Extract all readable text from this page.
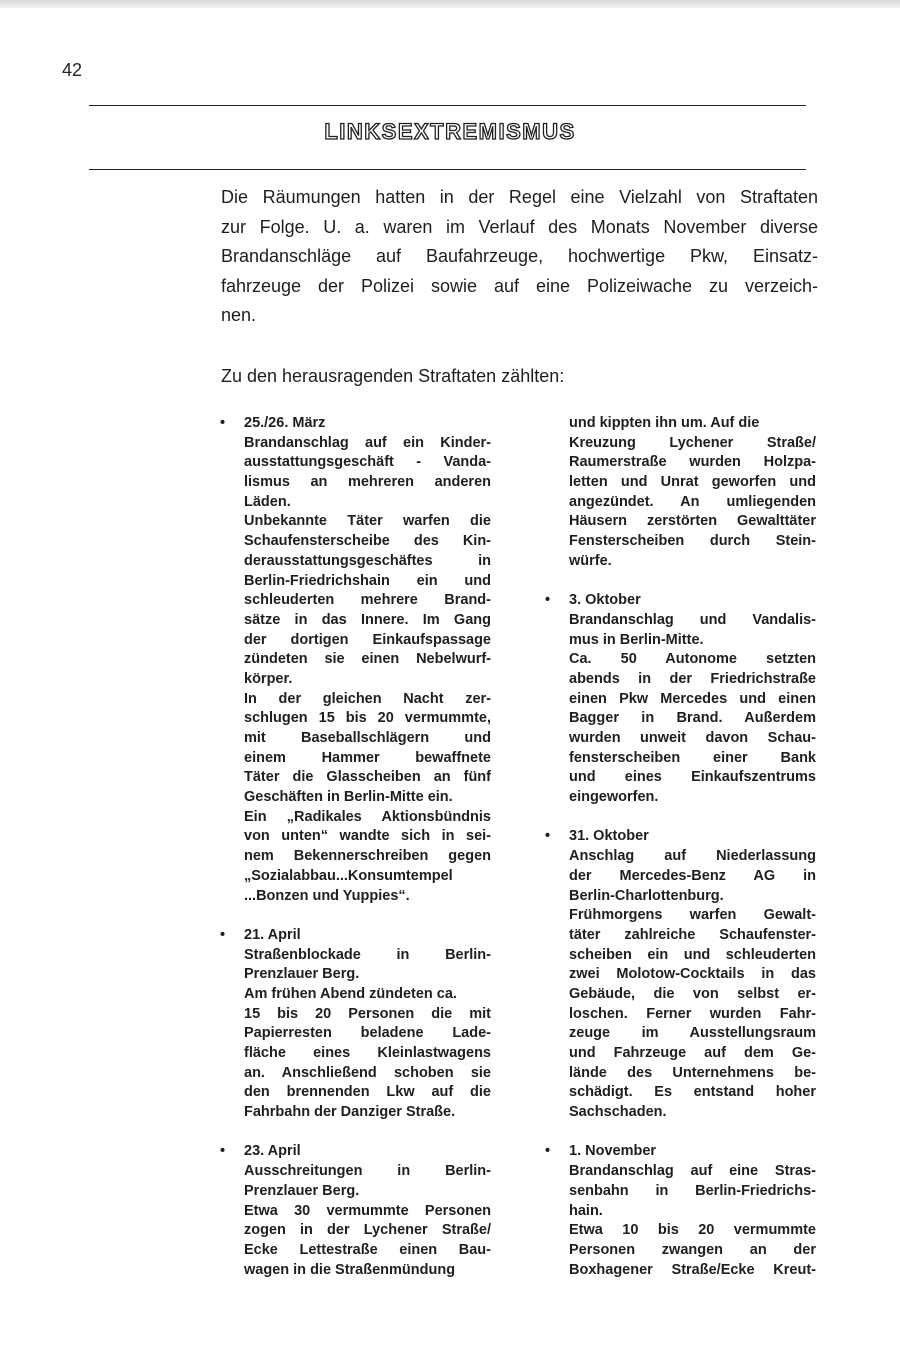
42
LINKSEXTREMISMUS
Die Räumungen hatten in der Regel eine Vielzahl von Straftaten
zur Folge. U. a. waren im Verlauf des Monats November diverse
Brandanschläge auf Baufahrzeuge, hochwertige Pkw, Einsatz-
fahrzeuge der Polizei sowie auf eine Polizeiwache zu verzeich-
nen.

Zu den herausragenden Straftaten zählten:

• 25./26. März
Brandanschlag auf ein Kinder-
ausstattungsgeschäft - Vanda-
lismus an mehreren anderen
Läden.
Unbekannte Täter warfen die
Schaufensterscheibe des Kin-
derausstattungsgeschäftes in
Berlin-Friedrichshain ein und
schleuderten mehrere Brand-
sätze in das Innere. Im Gang
der dortigen Einkaufspassage
zündeten sie einen Nebelwurf-
körper.
In der gleichen Nacht zer-
schlugen 15 bis 20 vermummte,
mit Baseballschlägern und
einem Hammer bewaffnete
Täter die Glasscheiben an fünf
Geschäften in Berlin-Mitte ein.
Ein „Radikales Aktionsbündnis
von unten“ wandte sich in sei-
nem Bekennerschreiben gegen
„Sozialabbau...Konsumtempel
...Bonzen und Yuppies“.
• 21. April
Straßenblockade in Berlin-
Prenzlauer Berg.
Am frühen Abend zündeten ca.
15 bis 20 Personen die mit
Papierresten beladene Lade-
fläche eines Kleinlastwagens
an. Anschließend schoben sie
den brennenden Lkw auf die
Fahrbahn der Danziger Straße.
• 23. April
Ausschreitungen in Berlin-
Prenzlauer Berg.
Etwa 30 vermummte Personen
zogen in der Lychener Straße/
Ecke Lettestraße einen Bau-
wagen in die Straßenmündung
und kippten ihn um. Auf die
Kreuzung Lychener Straße/
Raumerstraße wurden Holzpa-
letten und Unrat geworfen und
angezündet. An umliegenden
Häusern zerstörten Gewalttäter
Fensterscheiben durch Stein-
würfe.
• 3. Oktober
Brandanschlag und Vandalis-
mus in Berlin-Mitte.
Ca. 50 Autonome setzten
abends in der Friedrichstraße
einen Pkw Mercedes und einen
Bagger in Brand. Außerdem
wurden unweit davon Schau-
fensterscheiben einer Bank
und eines Einkaufszentrums
eingeworfen.
• 31. Oktober
Anschlag auf Niederlassung
der Mercedes-Benz AG in
Berlin-Charlottenburg.
Frühmorgens warfen Gewalt-
täter zahlreiche Schaufenster-
scheiben ein und schleuderten
zwei Molotow-Cocktails in das
Gebäude, die von selbst er-
loschen. Ferner wurden Fahr-
zeuge im Ausstellungsraum
und Fahrzeuge auf dem Ge-
lände des Unternehmens be-
schädigt. Es entstand hoher
Sachschaden.
• 1. November
Brandanschlag auf eine Stras-
senbahn in Berlin-Friedrichs-
hain.
Etwa 10 bis 20 vermummte
Personen zwangen an der
Boxhagener Straße/Ecke Kreut-
